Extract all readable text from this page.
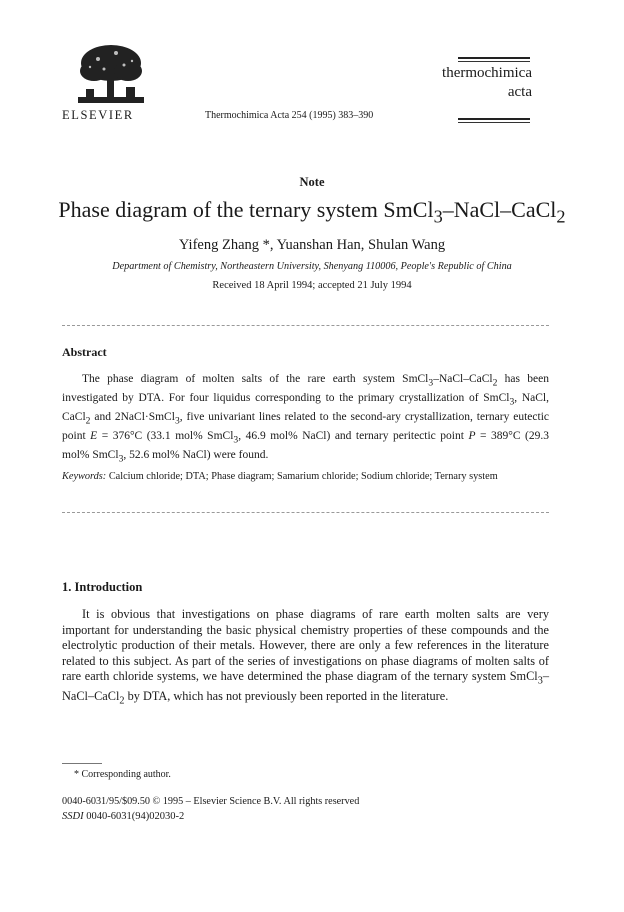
ELSEVIER	Thermochimica Acta 254 (1995) 383–390
thermochimica
acta
Note
Phase diagram of the ternary system SmCl$_3$–NaCl–CaCl$_2$
Yifeng Zhang *, Yuanshan Han, Shulan Wang
Department of Chemistry, Northeastern University, Shenyang 110006, People's Republic of China
Received 18 April 1994; accepted 21 July 1994
Abstract
The phase diagram of molten salts of the rare earth system SmCl$_3$–NaCl–CaCl$_2$ has been investigated by DTA. For four liquidus corresponding to the primary crystallization of SmCl$_3$, NaCl, CaCl$_2$ and 2NaCl·SmCl$_3$, five univariant lines related to the second-ary crystallization, ternary eutectic point E = 376°C (33.1 mol% SmCl$_3$, 46.9 mol% NaCl) and ternary peritectic point P = 389°C (29.3 mol% SmCl$_3$, 52.6 mol% NaCl) were found.
Keywords: Calcium chloride; DTA; Phase diagram; Samarium chloride; Sodium chloride; Ternary system
1. Introduction
It is obvious that investigations on phase diagrams of rare earth molten salts are very important for understanding the basic physical chemistry properties of these compounds and the electrolytic production of their metals. However, there are only a few references in the literature related to this subject. As part of the series of investigations on phase diagrams of molten salts of rare earth chloride systems, we have determined the phase diagram of the ternary system SmCl$_3$–NaCl–CaCl$_2$ by DTA, which has not previously been reported in the literature.
* Corresponding author.
0040-6031/95/$09.50 © 1995 – Elsevier Science B.V. All rights reserved
SSDI 0040-6031(94)02030-2
